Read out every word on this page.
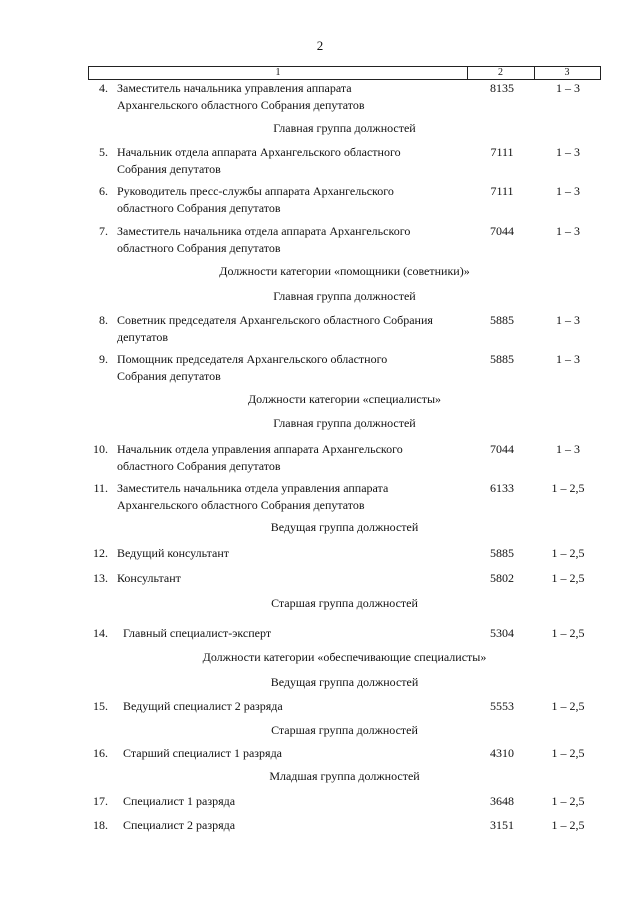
2
1	2	3
4. Заместитель начальника управления аппарата
Архангельского областного Собрания депутатов
8135	1 – 3
Главная группа должностей
5. Начальник отдела аппарата Архангельского областного
Собрания депутатов
7111	1 – 3
6. Руководитель пресс-службы аппарата Архангельского
областного Собрания депутатов
7111	1 – 3
7. Заместитель начальника отдела аппарата Архангельского
областного Собрания депутатов
7044	1 – 3
Должности категории «помощники (советники)»
Главная группа должностей
8. Советник председателя Архангельского областного Собрания
депутатов
5885	1 – 3
9. Помощник председателя Архангельского областного
Собрания депутатов
5885	1 – 3
Должности категории «специалисты»
Главная группа должностей
10. Начальник отдела управления аппарата Архангельского
областного Собрания депутатов
7044	1 – 3
11. Заместитель начальника отдела управления аппарата
Архангельского областного Собрания депутатов
6133	1 – 2,5
Ведущая группа должностей
12. Ведущий консультант	5885	1 – 2,5
13. Консультант	5802	1 – 2,5
Старшая группа должностей
14. Главный специалист-эксперт	5304	1 – 2,5
Должности категории «обеспечивающие специалисты»
Ведущая группа должностей
15. Ведущий специалист 2 разряда	5553	1 – 2,5
Старшая группа должностей
16. Старший специалист 1 разряда	4310	1 – 2,5
Младшая группа должностей
17. Специалист 1 разряда	3648	1 – 2,5
18. Специалист 2 разряда	3151	1 – 2,5
